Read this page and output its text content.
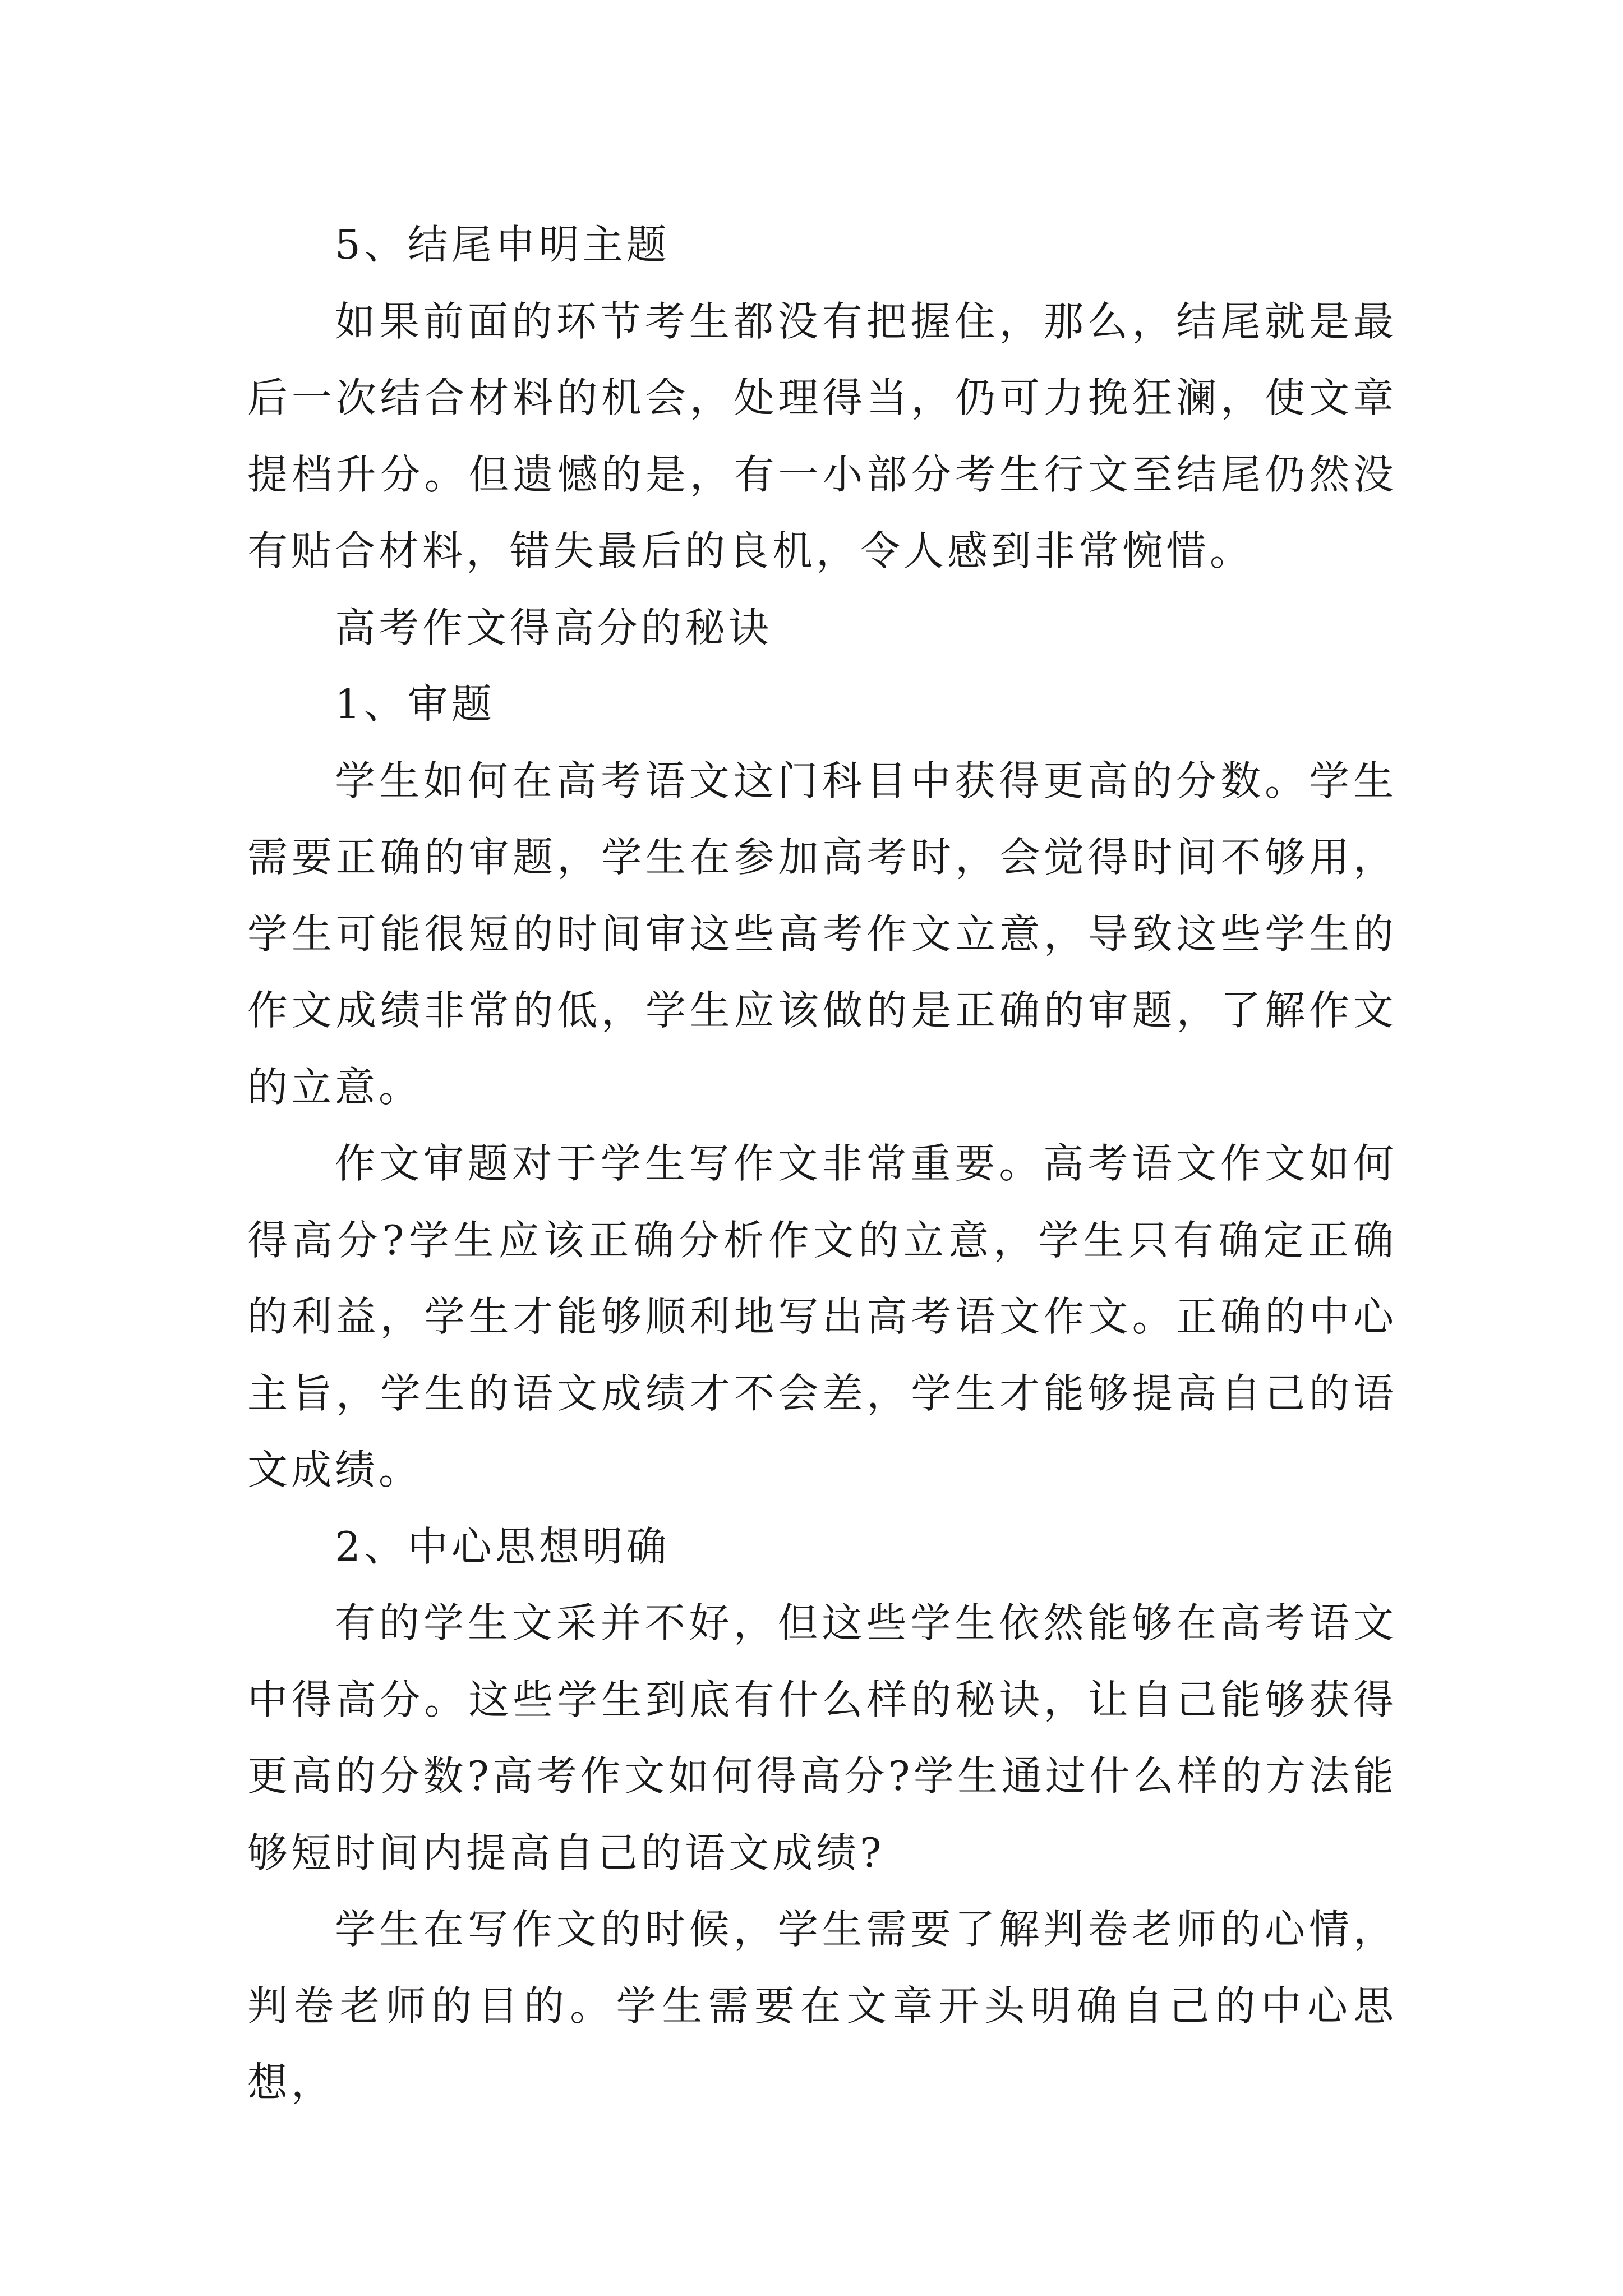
5、结尾申明主题

如果前面的环节考生都没有把握住，那么，结尾就是最后一次结合材料的机会，处理得当，仍可力挽狂澜，使文章提档升分。但遗憾的是，有一小部分考生行文至结尾仍然没有贴合材料，错失最后的良机，令人感到非常惋惜。

高考作文得高分的秘诀

1、审题

学生如何在高考语文这门科目中获得更高的分数。学生需要正确的审题，学生在参加高考时，会觉得时间不够用，学生可能很短的时间审这些高考作文立意，导致这些学生的作文成绩非常的低，学生应该做的是正确的审题，了解作文的立意。

作文审题对于学生写作文非常重要。高考语文作文如何得高分?学生应该正确分析作文的立意，学生只有确定正确的利益，学生才能够顺利地写出高考语文作文。正确的中心主旨，学生的语文成绩才不会差，学生才能够提高自己的语文成绩。

2、中心思想明确

有的学生文采并不好，但这些学生依然能够在高考语文中得高分。这些学生到底有什么样的秘诀，让自己能够获得更高的分数?高考作文如何得高分?学生通过什么样的方法能够短时间内提高自己的语文成绩?

学生在写作文的时候，学生需要了解判卷老师的心情，判卷老师的目的。学生需要在文章开头明确自己的中心思想，
